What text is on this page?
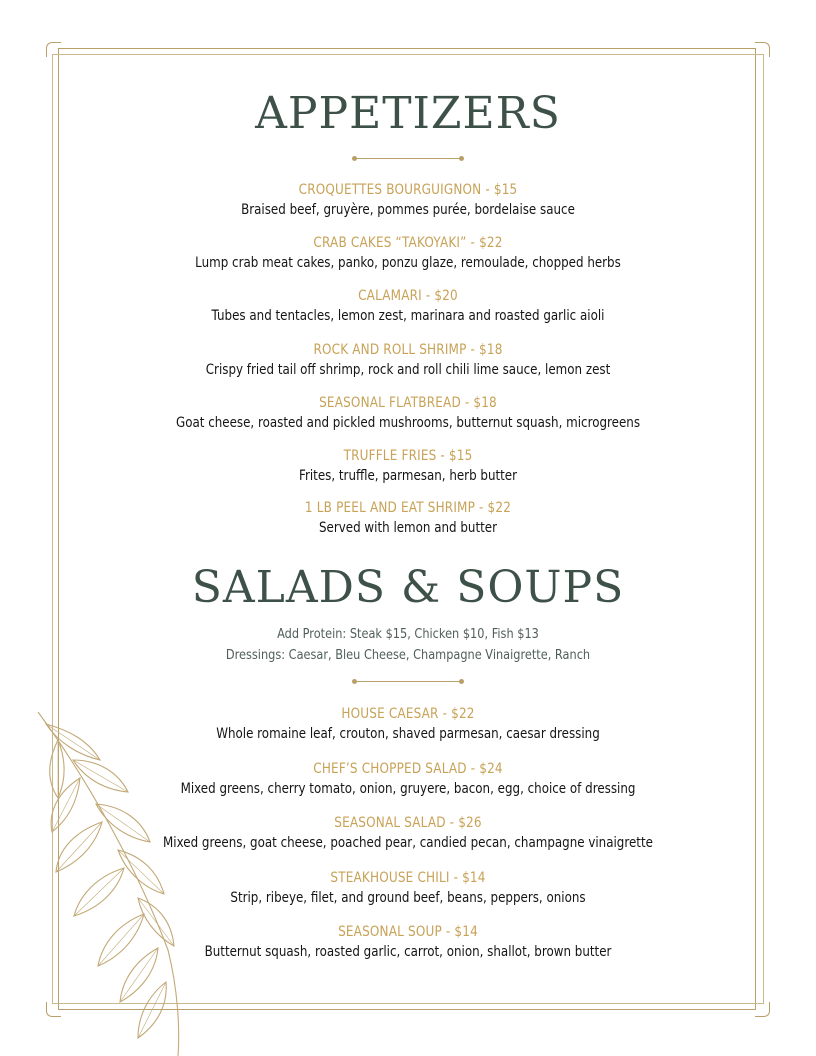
APPETIZERS
CROQUETTES BOURGUIGNON - $15
Braised beef, gruyère, pommes purée, bordelaise sauce
CRAB CAKES “TAKOYAKI” - $22
Lump crab meat cakes, panko, ponzu glaze, remoulade, chopped herbs
CALAMARI - $20
Tubes and tentacles, lemon zest, marinara and roasted garlic aioli
ROCK AND ROLL SHRIMP - $18
Crispy fried tail off shrimp, rock and roll chili lime sauce, lemon zest
SEASONAL FLATBREAD - $18
Goat cheese, roasted and pickled mushrooms, butternut squash, microgreens
TRUFFLE FRIES - $15
Frites, truffle, parmesan, herb butter
1 LB PEEL AND EAT SHRIMP - $22
Served with lemon and butter
SALADS & SOUPS
Add Protein: Steak $15, Chicken $10, Fish $13
Dressings: Caesar, Bleu Cheese, Champagne Vinaigrette, Ranch
HOUSE CAESAR - $22
Whole romaine leaf, crouton, shaved parmesan, caesar dressing
CHEF’S CHOPPED SALAD - $24
Mixed greens, cherry tomato, onion, gruyere, bacon, egg, choice of dressing
SEASONAL SALAD - $26
Mixed greens, goat cheese, poached pear, candied pecan, champagne vinaigrette
STEAKHOUSE CHILI - $14
Strip, ribeye, filet, and ground beef, beans, peppers, onions
SEASONAL SOUP - $14
Butternut squash, roasted garlic, carrot, onion, shallot, brown butter
